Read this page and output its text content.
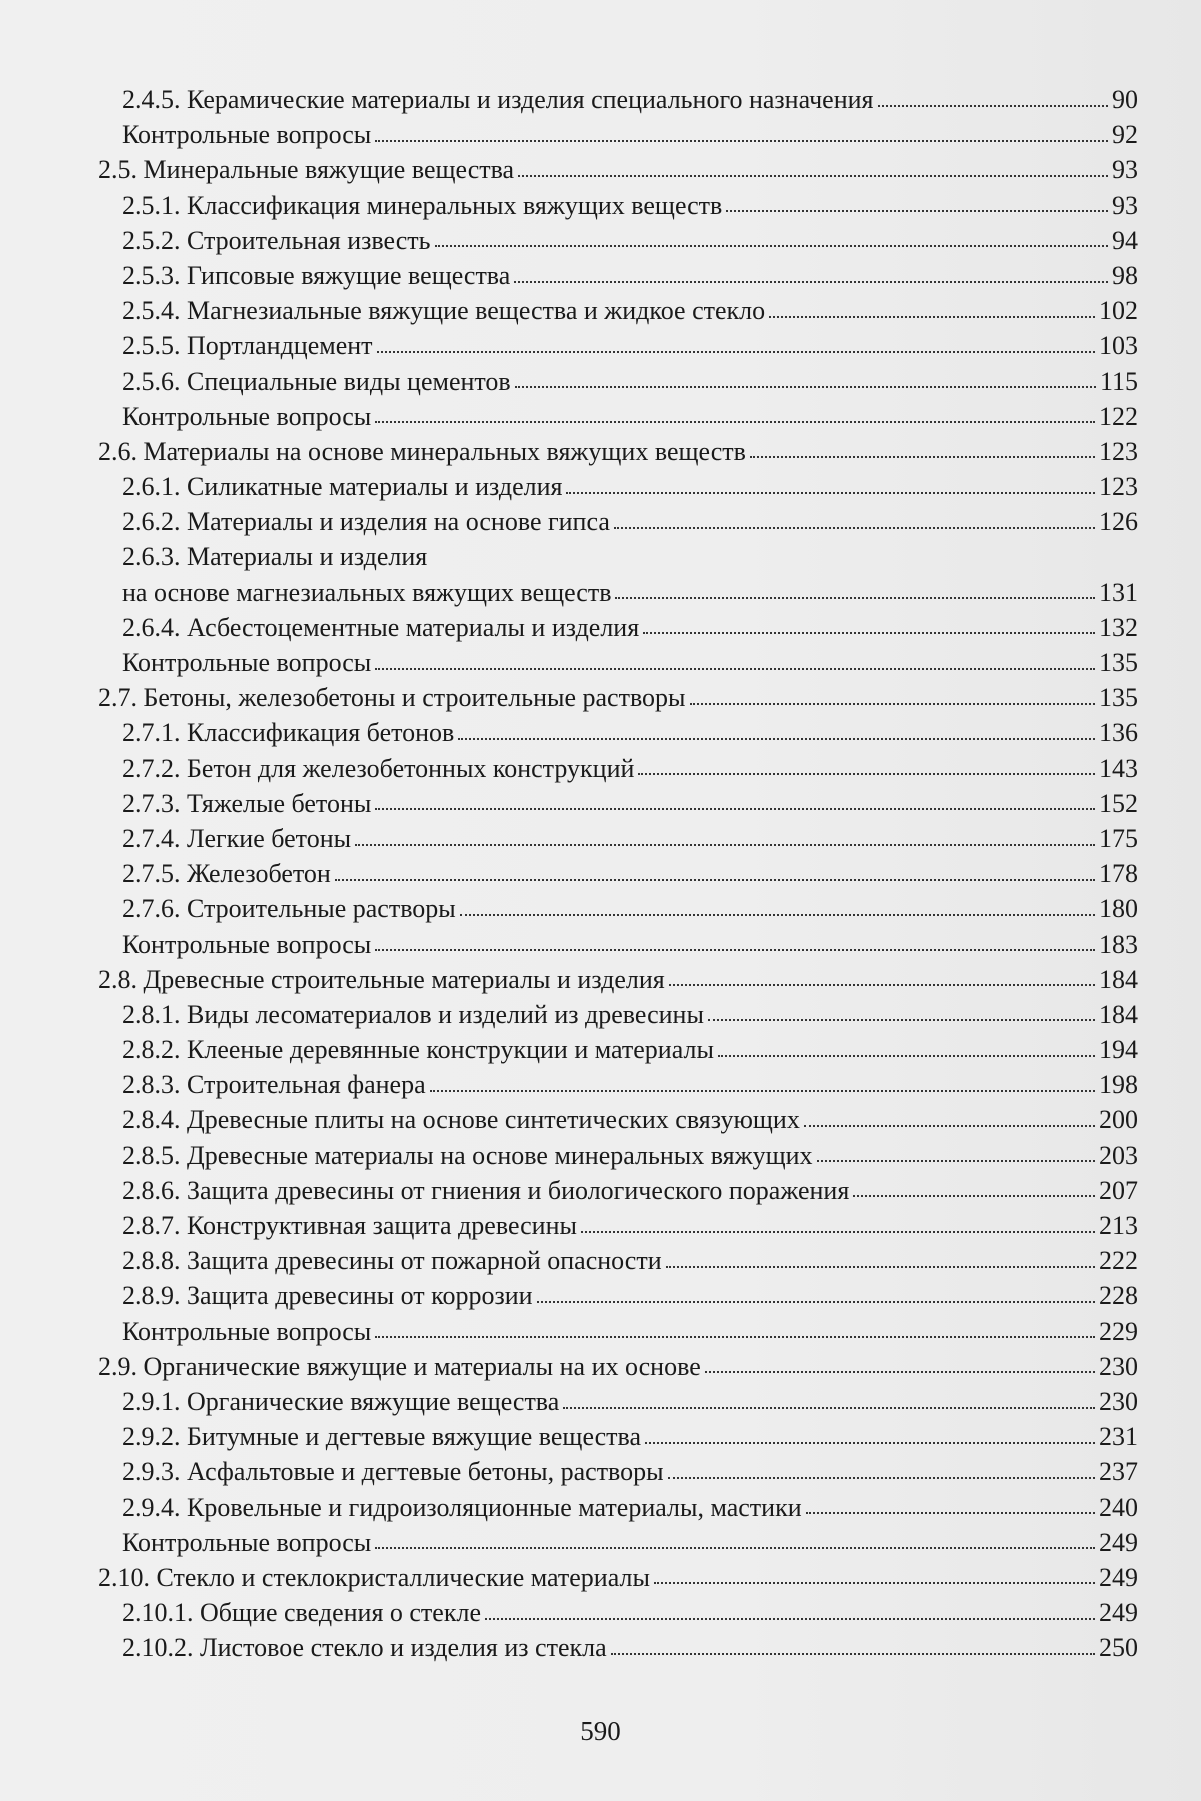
2.4.5. Керамические материалы и изделия специального назначения	90
Контрольные вопросы	92
2.5. Минеральные вяжущие вещества	93
2.5.1. Классификация минеральных вяжущих веществ	93
2.5.2. Строительная известь	94
2.5.3. Гипсовые вяжущие вещества	98
2.5.4. Магнезиальные вяжущие вещества и жидкое стекло	102
2.5.5. Портландцемент	103
2.5.6. Специальные виды цементов	115
Контрольные вопросы	122
2.6. Материалы на основе минеральных вяжущих веществ	123
2.6.1. Силикатные материалы и изделия	123
2.6.2. Материалы и изделия на основе гипса	126
2.6.3. Материалы и изделия
на основе магнезиальных вяжущих веществ	131
2.6.4. Асбестоцементные материалы и изделия	132
Контрольные вопросы	135
2.7. Бетоны, железобетоны и строительные растворы	135
2.7.1. Классификация бетонов	136
2.7.2. Бетон для железобетонных конструкций	143
2.7.3. Тяжелые бетоны	152
2.7.4. Легкие бетоны	175
2.7.5. Железобетон	178
2.7.6. Строительные растворы	180
Контрольные вопросы	183
2.8. Древесные строительные материалы и изделия	184
2.8.1. Виды лесоматериалов и изделий из древесины	184
2.8.2. Клееные деревянные конструкции и материалы	194
2.8.3. Строительная фанера	198
2.8.4. Древесные плиты на основе синтетических связующих	200
2.8.5. Древесные материалы на основе минеральных вяжущих	203
2.8.6. Защита древесины от гниения и биологического поражения	207
2.8.7. Конструктивная защита древесины	213
2.8.8. Защита древесины от пожарной опасности	222
2.8.9. Защита древесины от коррозии	228
Контрольные вопросы	229
2.9. Органические вяжущие и материалы на их основе	230
2.9.1. Органические вяжущие вещества	230
2.9.2. Битумные и дегтевые вяжущие вещества	231
2.9.3. Асфальтовые и дегтевые бетоны, растворы	237
2.9.4. Кровельные и гидроизоляционные материалы, мастики	240
Контрольные вопросы	249
2.10. Стекло и стеклокристаллические материалы	249
2.10.1. Общие сведения о стекле	249
2.10.2. Листовое стекло и изделия из стекла	250
590
